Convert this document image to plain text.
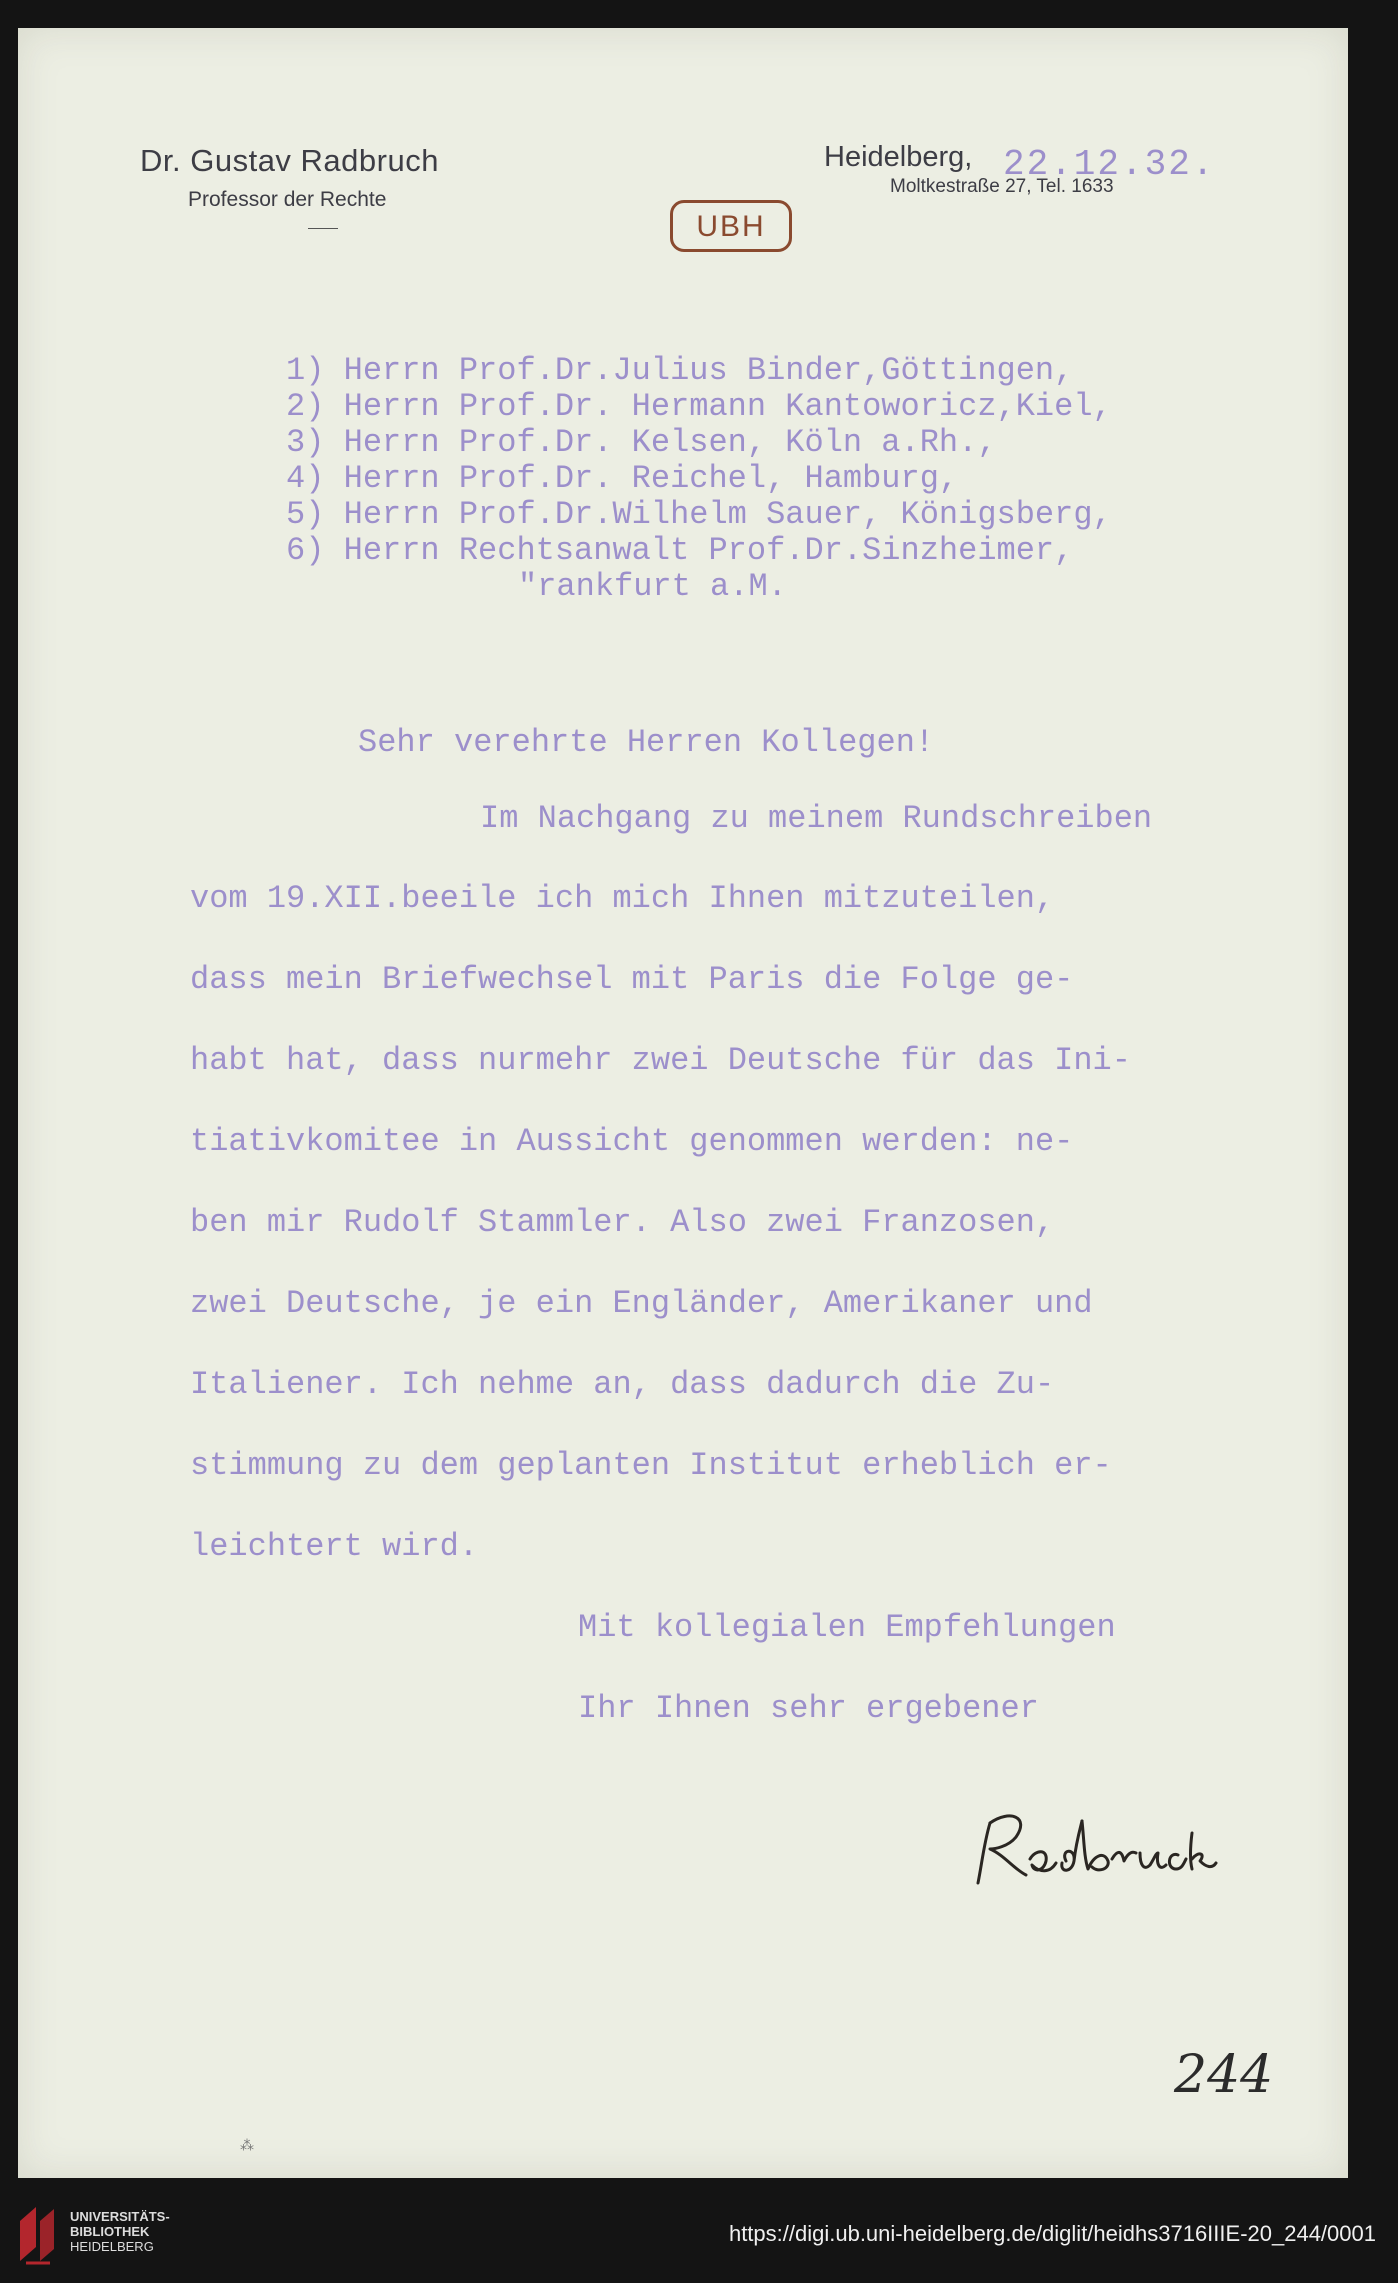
Dr. Gustav Radbruch
Professor der Rechte
Heidelberg, 22.12.32.
Moltkestraße 27, Tel. 1633
UBH
1) Herrn Prof.Dr.Julius Binder,Göttingen,
2) Herrn Prof.Dr. Hermann Kantoworicz,Kiel,
3) Herrn Prof.Dr. Kelsen, Köln a.Rh.,
4) Herrn Prof.Dr. Reichel, Hamburg,
5) Herrn Prof.Dr.Wilhelm Sauer, Königsberg,
6) Herrn Rechtsanwalt Prof.Dr.Sinzheimer,
"rankfurt a.M.
Sehr verehrte Herren Kollegen!
Im Nachgang zu meinem Rundschreiben
vom 19.XII.beeile ich mich Ihnen mitzuteilen,
dass mein Briefwechsel mit Paris die Folge ge-
habt hat, dass nurmehr zwei Deutsche für das Ini-
tiativkomitee in Aussicht genommen werden: ne-
ben mir Rudolf Stammler. Also zwei Franzosen,
zwei Deutsche, je ein Engländer, Amerikaner und
Italiener. Ich nehme an, dass dadurch die Zu-
stimmung zu dem geplanten Institut erheblich er-
leichtert wird.
Mit kollegialen Empfehlungen
Ihr Ihnen sehr ergebener
244
⁂
UNIVERSITÄTS-
BIBLIOTHEK
HEIDELBERG
https://digi.ub.uni-heidelberg.de/diglit/heidhs3716IIIE-20_244/0001
